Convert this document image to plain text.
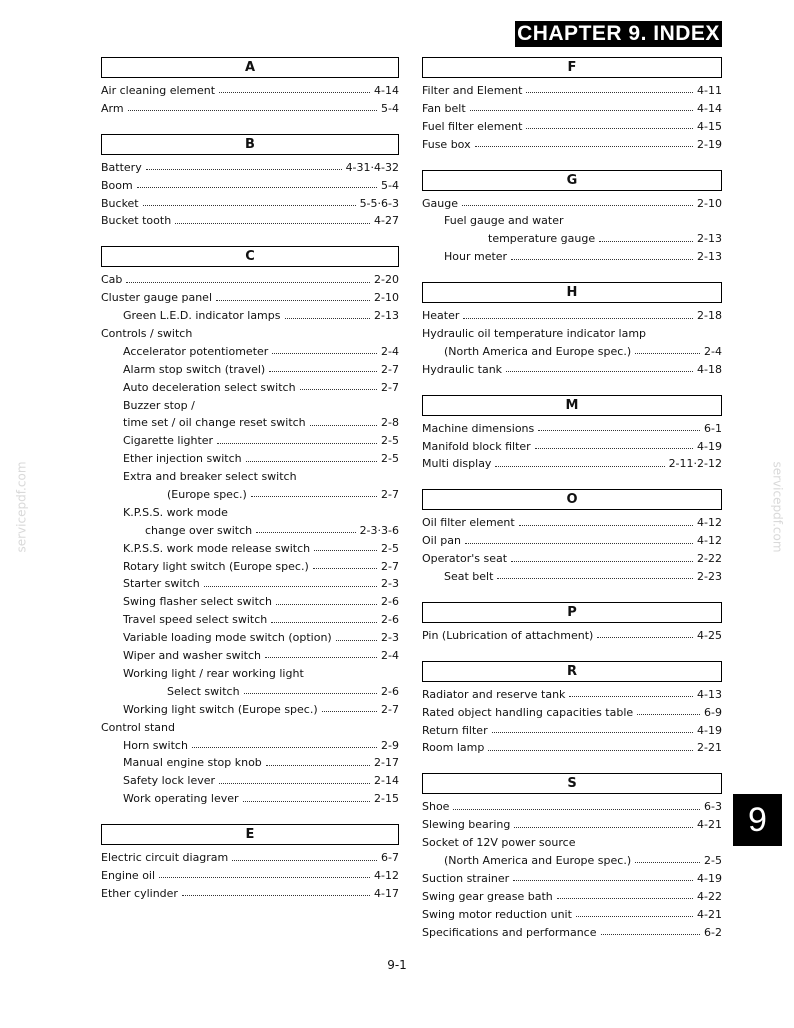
CHAPTER 9. INDEX
A
Air cleaning element	4-14
Arm	5-4
B
Battery	4-31·4-32
Boom	5-4
Bucket	5-5·6-3
Bucket tooth	4-27
C
Cab	2-20
Cluster gauge panel	2-10
Green L.E.D. indicator lamps	2-13
Controls / switch
Accelerator potentiometer	2-4
Alarm stop switch (travel)	2-7
Auto deceleration select switch	2-7
Buzzer stop /
time set / oil change reset switch	2-8
Cigarette lighter	2-5
Ether injection switch	2-5
Extra and breaker select switch
(Europe spec.)	2-7
K.P.S.S. work mode
change over switch	2-3·3-6
K.P.S.S. work mode release switch	2-5
Rotary light switch (Europe spec.)	2-7
Starter switch	2-3
Swing flasher select switch	2-6
Travel speed select switch	2-6
Variable loading mode switch (option)	2-3
Wiper and washer switch	2-4
Working light / rear working light
Select switch	2-6
Working light switch (Europe spec.)	2-7
Control stand
Horn switch	2-9
Manual engine stop knob	2-17
Safety lock lever	2-14
Work operating lever	2-15
E
Electric circuit diagram	6-7
Engine oil	4-12
Ether cylinder	4-17
F
Filter and Element	4-11
Fan belt	4-14
Fuel filter element	4-15
Fuse box	2-19
G
Gauge	2-10
Fuel gauge and water
temperature gauge	2-13
Hour meter	2-13
H
Heater	2-18
Hydraulic oil temperature indicator lamp
(North America and Europe spec.)	2-4
Hydraulic tank	4-18
M
Machine dimensions	6-1
Manifold block filter	4-19
Multi display	2-11·2-12
O
Oil filter element	4-12
Oil pan	4-12
Operator's seat	2-22
Seat belt	2-23
P
Pin (Lubrication of attachment)	4-25
R
Radiator and reserve tank	4-13
Rated object handling capacities table	6-9
Return filter	4-19
Room lamp	2-21
S
Shoe	6-3
Slewing bearing	4-21
Socket of 12V power source
(North America and Europe spec.)	2-5
Suction strainer	4-19
Swing gear grease bath	4-22
Swing motor reduction unit	4-21
Specifications and performance	6-2
9
9-1
servicepdf.com	servicepdf.com
